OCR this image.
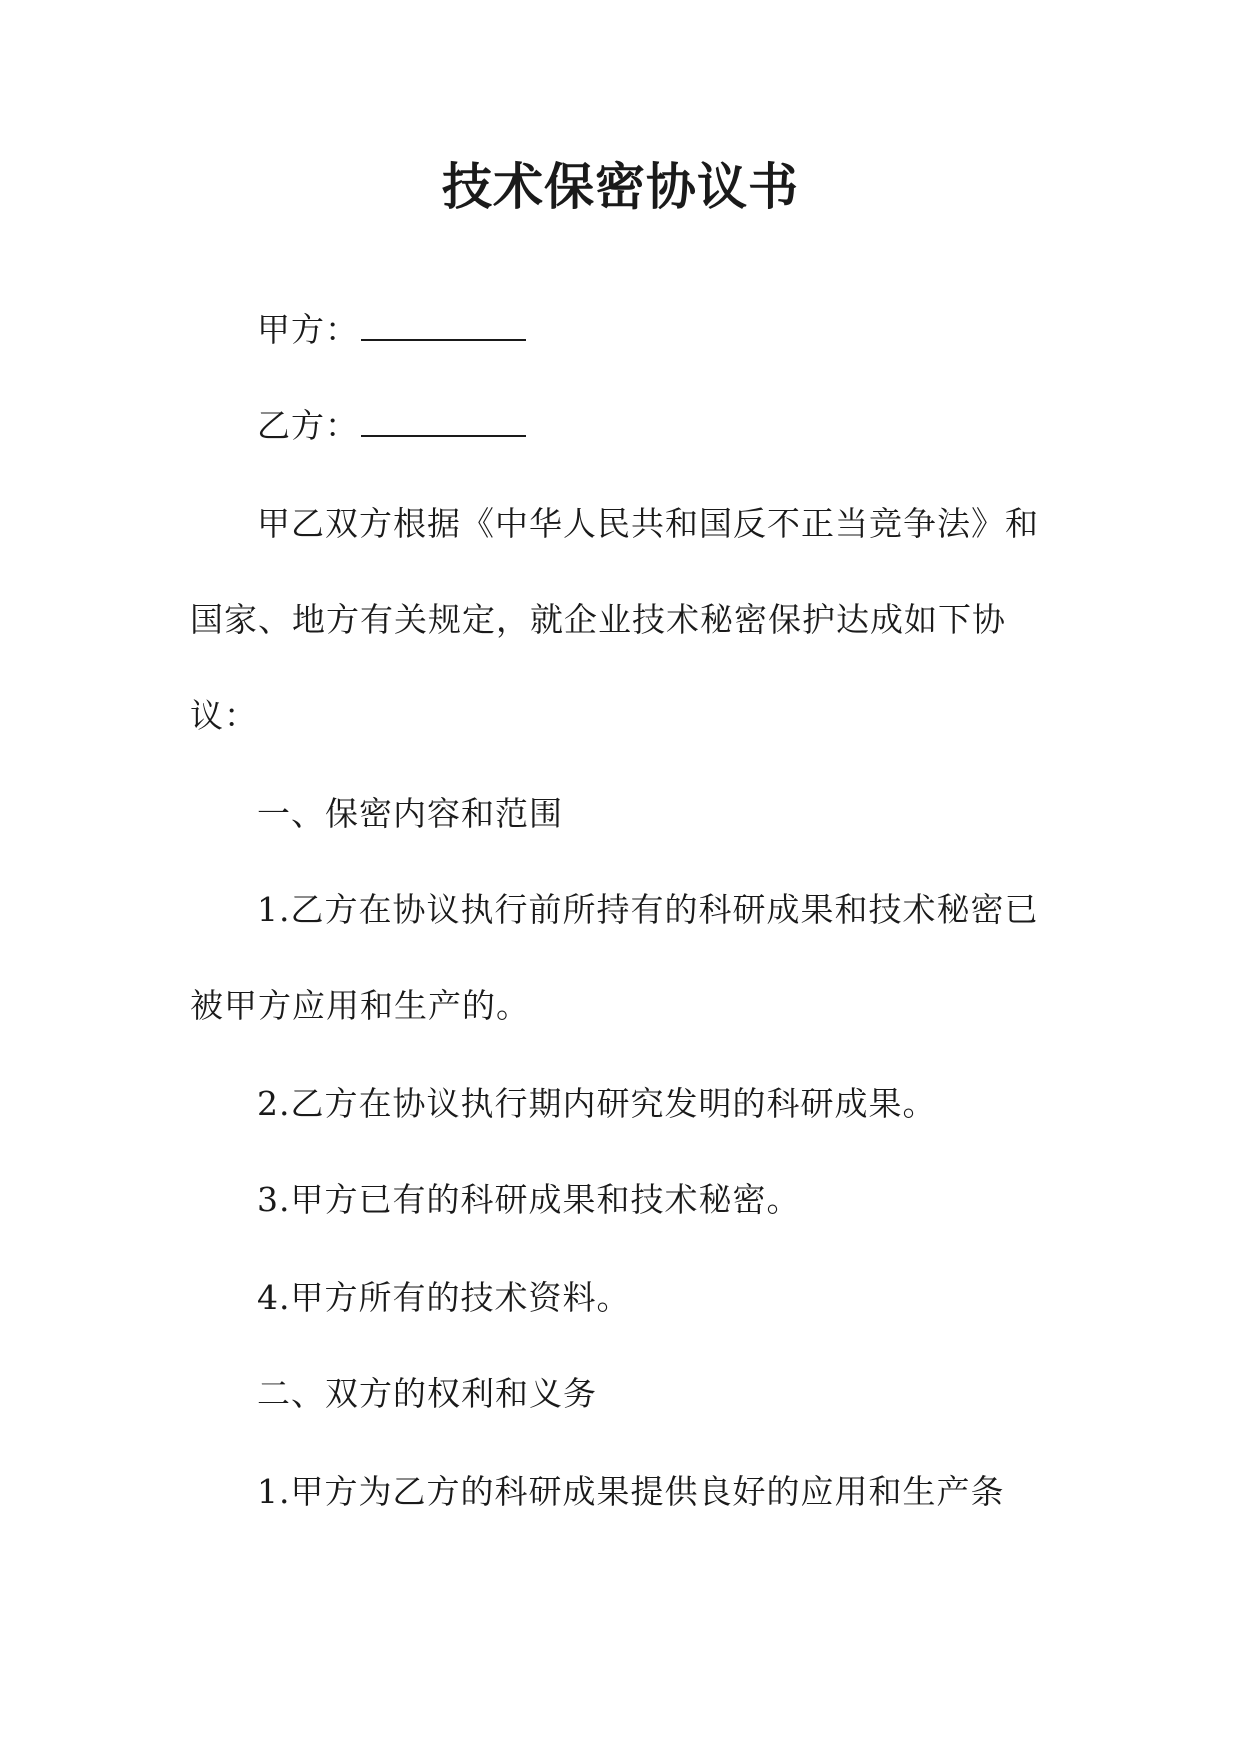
技术保密协议书

甲方：

乙方：

甲乙双方根据《中华人民共和国反不正当竞争法》和

国家、地方有关规定，就企业技术秘密保护达成如下协

议：

一、保密内容和范围

1.乙方在协议执行前所持有的科研成果和技术秘密已

被甲方应用和生产的。

2.乙方在协议执行期内研究发明的科研成果。

3.甲方已有的科研成果和技术秘密。

4.甲方所有的技术资料。

二、双方的权利和义务

1.甲方为乙方的科研成果提供良好的应用和生产条
